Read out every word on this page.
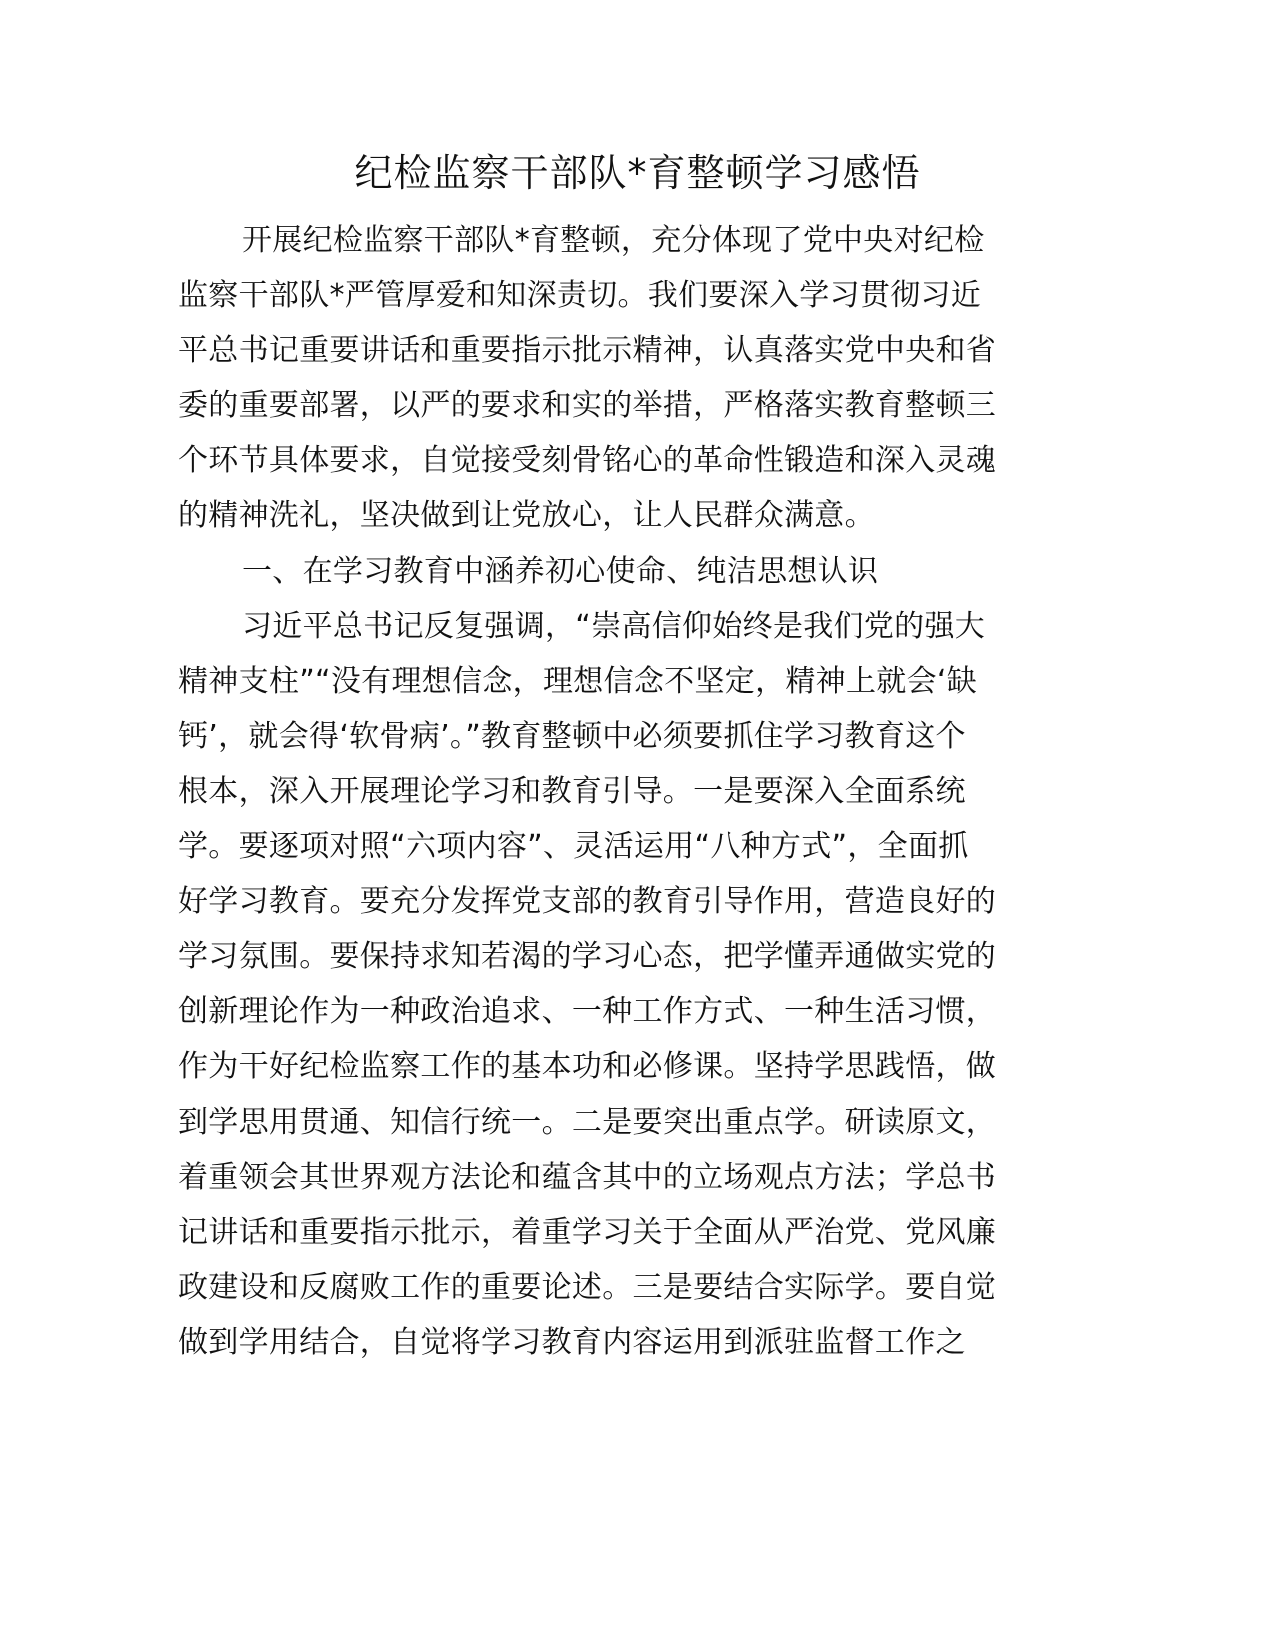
纪检监察干部队*育整顿学习感悟
开展纪检监察干部队*育整顿，充分体现了党中央对纪检
监察干部队*严管厚爱和知深责切。我们要深入学习贯彻习近
平总书记重要讲话和重要指示批示精神，认真落实党中央和省
委的重要部署，以严的要求和实的举措，严格落实教育整顿三
个环节具体要求，自觉接受刻骨铭心的革命性锻造和深入灵魂
的精神洗礼，坚决做到让党放心，让人民群众满意。
一、在学习教育中涵养初心使命、纯洁思想认识
习近平总书记反复强调，“崇高信仰始终是我们党的强大
精神支柱”“没有理想信念，理想信念不坚定，精神上就会‘缺
钙’，就会得‘软骨病’。”教育整顿中必须要抓住学习教育这个
根本，深入开展理论学习和教育引导。一是要深入全面系统
学。要逐项对照“六项内容”、灵活运用“八种方式”，全面抓
好学习教育。要充分发挥党支部的教育引导作用，营造良好的
学习氛围。要保持求知若渴的学习心态，把学懂弄通做实党的
创新理论作为一种政治追求、一种工作方式、一种生活习惯，
作为干好纪检监察工作的基本功和必修课。坚持学思践悟，做
到学思用贯通、知信行统一。二是要突出重点学。研读原文，
着重领会其世界观方法论和蕴含其中的立场观点方法；学总书
记讲话和重要指示批示，着重学习关于全面从严治党、党风廉
政建设和反腐败工作的重要论述。三是要结合实际学。要自觉
做到学用结合，自觉将学习教育内容运用到派驻监督工作之
